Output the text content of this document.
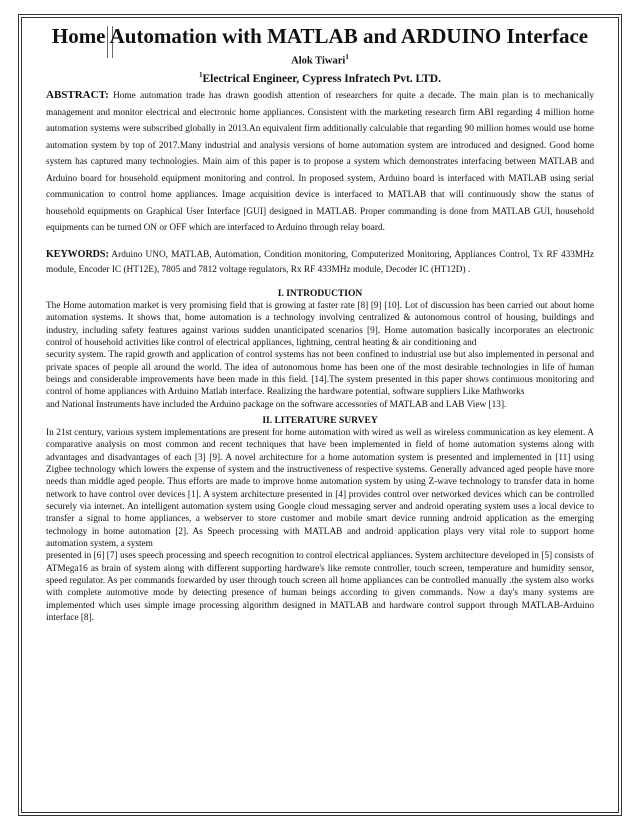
Home Automation with MATLAB and ARDUINO Interface
Alok Tiwari$^1$
$^1$Electrical Engineer, Cypress Infratech Pvt. LTD.

ABSTRACT: Home automation trade has drawn goodish attention of researchers for quite a decade. The main plan is to mechanically management and monitor electrical and electronic home appliances. Consistent with the marketing research firm ABI regarding 4 million home automation systems were subscribed globally in 2013.An equivalent firm additionally calculable that regarding 90 million homes would use home automation system by top of 2017.Many industrial and analysis versions of home automation system are introduced and designed. Good home system has captured many technologies. Main aim of this paper is to propose a system which demonstrates interfacing between MATLAB and Arduino board for household equipment monitoring and control. In proposed system, Arduino board is interfaced with MATLAB using serial communication to control home appliances. Image acquisition device is interfaced to MATLAB that will continuously show the status of household equipments on Graphical User Interface [GUI] designed in MATLAB. Proper commanding is done from MATLAB GUI, household equipments can be turned ON or OFF which are interfaced to Arduino through relay board.

KEYWORDS: Arduino UNO, MATLAB, Automation, Condition monitoring, Computerized Monitoring, Appliances Control, Tx RF 433MHz module, Encoder IC (HT12E), 7805 and 7812 voltage regulators, Rx RF 433MHz module, Decoder IC (HT12D) .

I. INTRODUCTION

The Home automation market is very promising field that is growing at faster rate [8] [9] [10]. Lot of discussion has been carried out about home automation systems. It shows that, home automation is a technology involving centralized & autonomous control of housing, buildings and industry, including safety features against various sudden unanticipated scenarios [9]. Home automation basically incorporates an electronic control of household activities like control of electrical appliances, lightning, central heating & air conditioning and

security system. The rapid growth and application of control systems has not been confined to industrial use but also implemented in personal and private spaces of people all around the world. The idea of autonomous home has been one of the most desirable technologies in life of human beings and considerable improvements have been made in this field. [14].The system presented in this paper shows continuous monitoring and control of home appliances with Arduino Matlab interface. Realizing the hardware potential, software suppliers Like Mathworks

and National Instruments have included the Arduino package on the software accessories of MATLAB and LAB View [13].

II. LITERATURE SURVEY

In 21st century, various system implementations are present for home automation with wired as well as wireless communication as key element. A comparative analysis on most common and recent techniques that have been implemented in field of home automation systems along with advantages and disadvantages of each [3] [9]. A novel architecture for a home automation system is presented and implemented in [11] using Zigbee technology which lowers the expense of system and the instructiveness of respective systems. Generally advanced aged people have more needs than middle aged people. Thus efforts are made to improve home automation system by using Z-wave technology to transfer data in home network to have control over devices [1]. A system architecture presented in [4] provides control over networked devices which can be controlled securely via internet. An intelligent automation system using Google cloud messaging server and android operating system uses a local device to transfer a signal to home appliances, a webserver to store customer and mobile smart device running android application as the emerging technology in home automation [2]. As Speech processing with MATLAB and android application plays very vital role to support home automation system, a system

presented in [6] [7] uses speech processing and speech recognition to control electrical appliances. System architecture developed in [5] consists of ATMega16 as brain of system along with different supporting hardware's like remote controller, touch screen, temperature and humidity sensor, speed regulator. As per commands forwarded by user through touch screen all home appliances can be controlled manually .the system also works with complete automotive mode by detecting presence of human beings according to given commands. Now a day's many systems are implemented which uses simple image processing algorithm designed in MATLAB and hardware control support through MATLAB-Arduino interface [8].
